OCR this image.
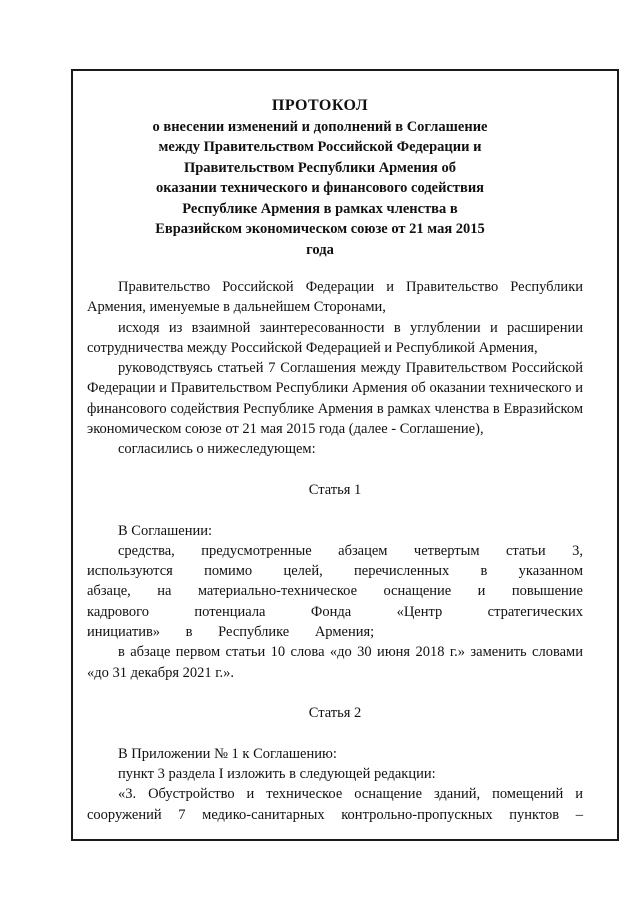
ПРОТОКОЛ
о внесении изменений и дополнений в Соглашение
между Правительством Российской Федерации и
Правительством Республики Армения об
оказании технического и финансового содействия
Республике Армения в рамках членства в
Евразийском экономическом союзе от 21 мая 2015
года

Правительство Российской Федерации и Правительство Республики Армения, именуемые в дальнейшем Сторонами,

исходя из взаимной заинтересованности в углублении и расширении сотрудничества между Российской Федерацией и Республикой Армения,

руководствуясь статьей 7 Соглашения между Правительством Российской Федерации и Правительством Республики Армения об оказании технического и финансового содействия Республике Армения в рамках членства в Евразийском экономическом союзе от 21 мая 2015 года (далее - Соглашение),

согласились о нижеследующем:

Статья 1

В Соглашении:

средства, предусмотренные абзацем четвертым статьи 3, используются помимо целей, перечисленных в указанном абзаце, на материально-техническое оснащение и повышение кадрового потенциала Фонда «Центр стратегических инициатив» в Республике Армения;

в абзаце первом статьи 10 слова «до 30 июня 2018 г.» заменить словами «до 31 декабря 2021 г.».

Статья 2

В Приложении № 1 к Соглашению:

пункт 3 раздела I изложить в следующей редакции:

«3. Обустройство и техническое оснащение зданий, помещений и сооружений 7 медико-санитарных контрольно-пропускных пунктов –
